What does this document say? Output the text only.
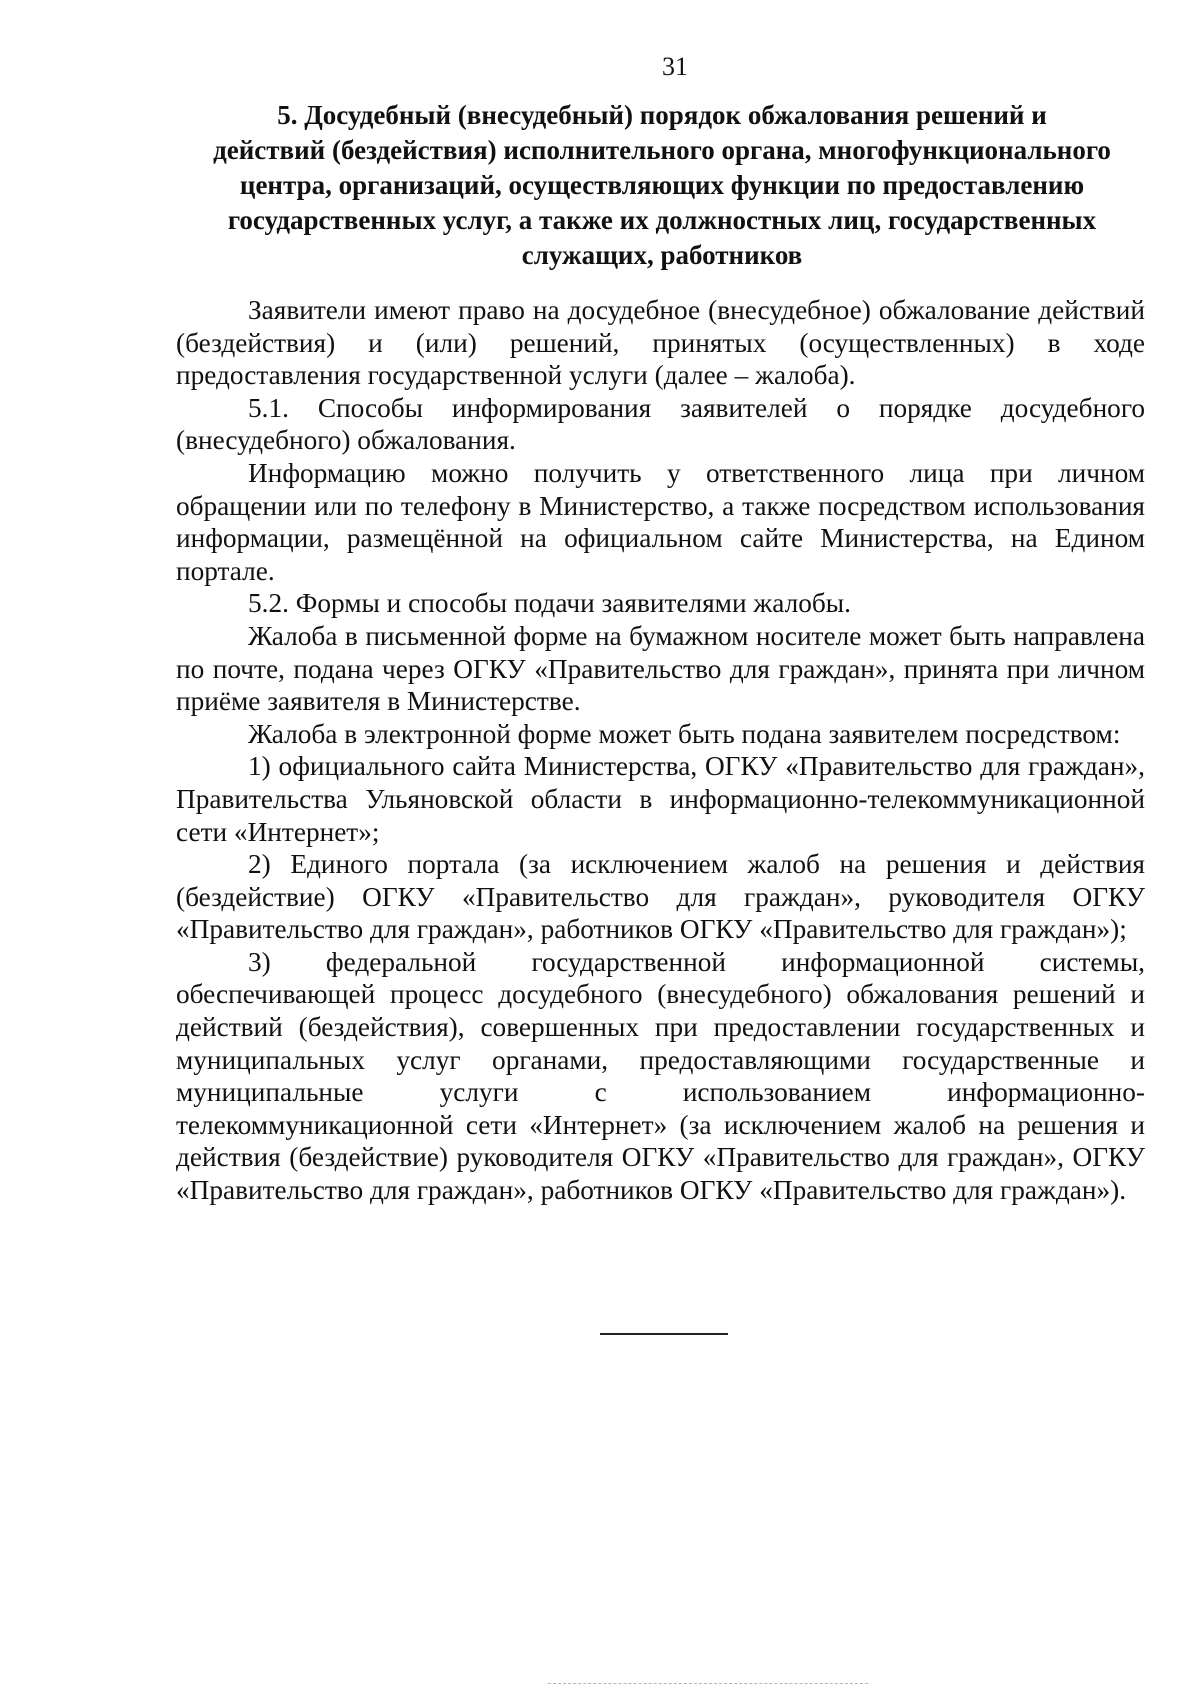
31
5. Досудебный (внесудебный) порядок обжалования решений и
действий (бездействия) исполнительного органа, многофункционального
центра, организаций, осуществляющих функции по предоставлению
государственных услуг, а также их должностных лиц, государственных
служащих, работников

Заявители имеют право на досудебное (внесудебное) обжалование действий (бездействия) и (или) решений, принятых (осуществленных) в ходе предоставления государственной услуги (далее – жалоба).

5.1. Способы информирования заявителей о порядке досудебного (внесудебного) обжалования.

Информацию можно получить у ответственного лица при личном обращении или по телефону в Министерство, а также посредством использования информации, размещённой на официальном сайте Министерства, на Едином портале.

5.2. Формы и способы подачи заявителями жалобы.

Жалоба в письменной форме на бумажном носителе может быть направлена по почте, подана через ОГКУ «Правительство для граждан», принята при личном приёме заявителя в Министерстве.

Жалоба в электронной форме может быть подана заявителем посредством:

1) официального сайта Министерства, ОГКУ «Правительство для граждан», Правительства Ульяновской области в информационно-телекоммуникационной сети «Интернет»;

2) Единого портала (за исключением жалоб на решения и действия (бездействие) ОГКУ «Правительство для граждан», руководителя ОГКУ «Правительство для граждан», работников ОГКУ «Правительство для граждан»);

3) федеральной государственной информационной системы, обеспечивающей процесс досудебного (внесудебного) обжалования решений и действий (бездействия), совершенных при предоставлении государственных и муниципальных услуг органами, предоставляющими государственные и муниципальные услуги с использованием информационно-телекоммуникационной сети «Интернет» (за исключением жалоб на решения и действия (бездействие) руководителя ОГКУ «Правительство для граждан», ОГКУ «Правительство для граждан», работников ОГКУ «Правительство для граждан»).
